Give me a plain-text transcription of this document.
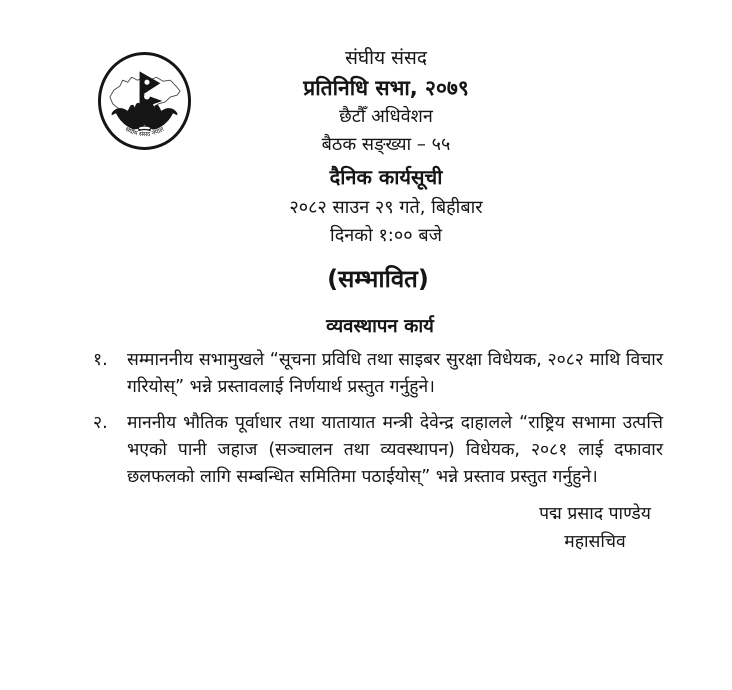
संघीय संसद नेपाल
संघीय संसद
प्रतिनिधि सभा, २०७९
छैटौँ अधिवेशन
बैठक सङ्ख्या – ५५
दैनिक कार्यसूची
२०८२ साउन २९ गते, बिहीबार
दिनको १:०० बजे
(सम्भावित)
व्यवस्थापन कार्य
१.	सम्माननीय सभामुखले “सूचना प्रविधि तथा साइबर सुरक्षा विधेयक, २०८२ माथि विचार गरियोस्” भन्ने प्रस्तावलाई निर्णयार्थ प्रस्तुत गर्नुहुने।
२.	माननीय भौतिक पूर्वाधार तथा यातायात मन्त्री देवेन्द्र दाहालले “राष्ट्रिय सभामा उत्पत्ति भएको पानी जहाज (सञ्चालन तथा व्यवस्थापन) विधेयक, २०८१ लाई दफावार छलफलको लागि सम्बन्धित समितिमा पठाईयोस्” भन्ने प्रस्ताव प्रस्तुत गर्नुहुने।
पद्म प्रसाद पाण्डेय
महासचिव
